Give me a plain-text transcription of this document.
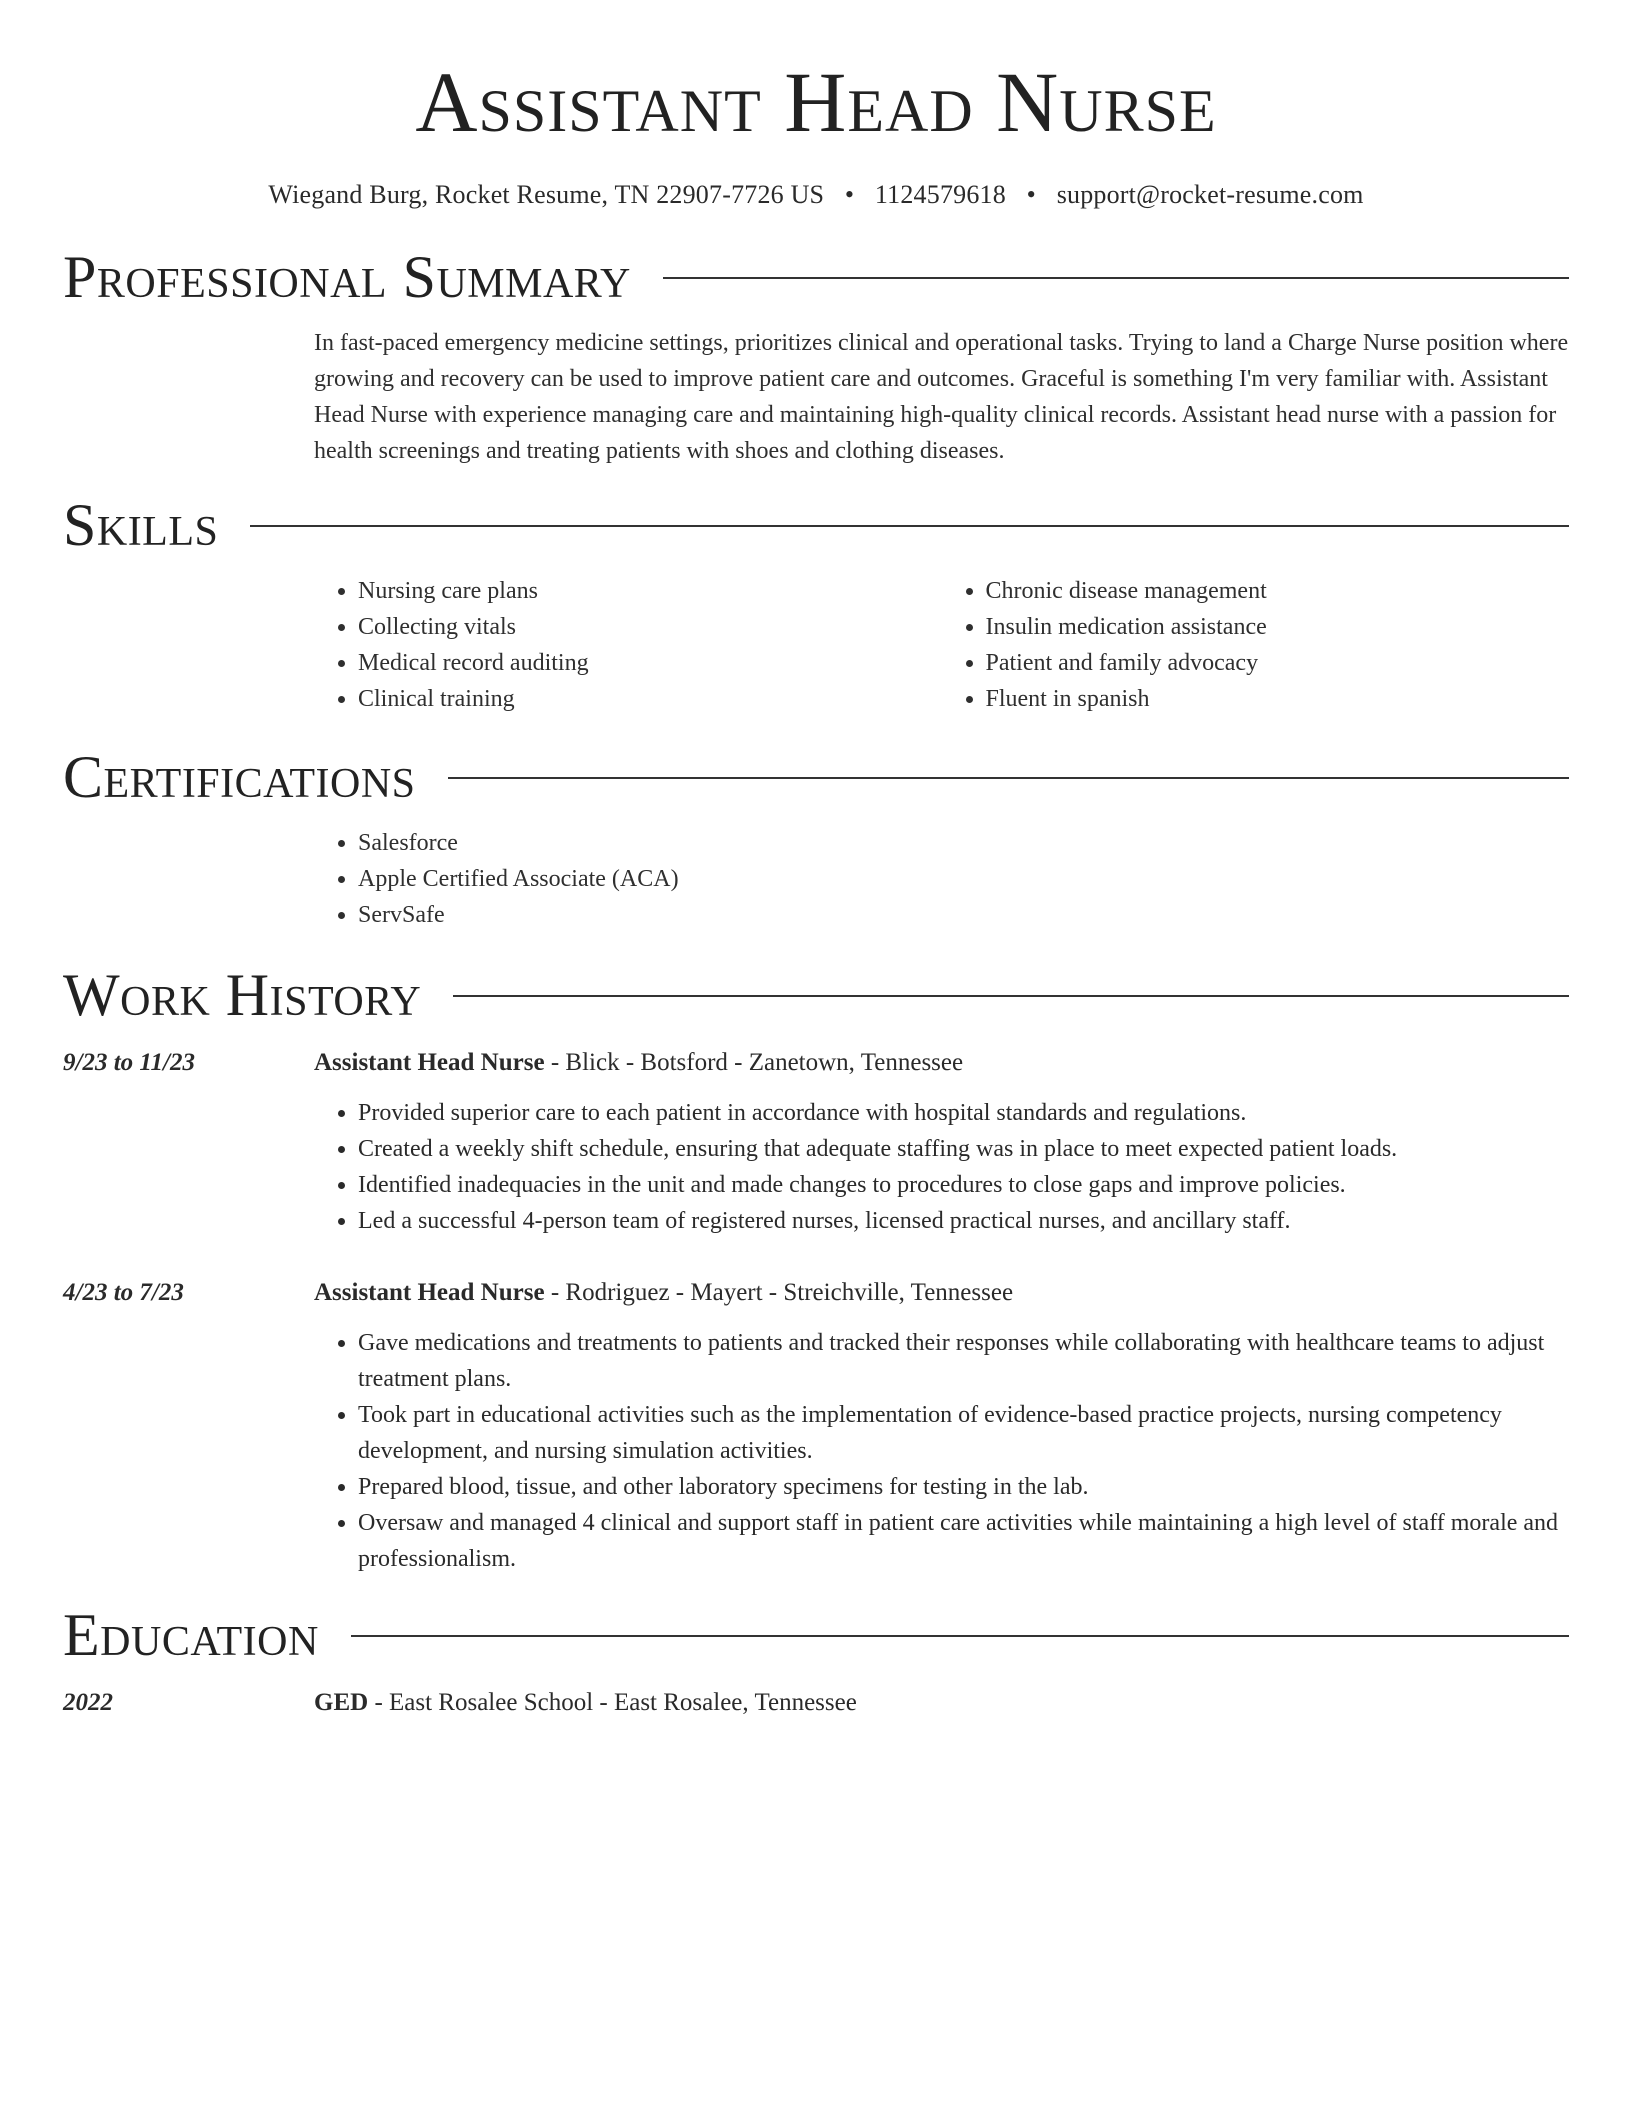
Assistant Head Nurse
Wiegand Burg, Rocket Resume, TN 22907-7726 US • 1124579618 • support@rocket-resume.com
Professional Summary
In fast-paced emergency medicine settings, prioritizes clinical and operational tasks. Trying to land a Charge Nurse position where growing and recovery can be used to improve patient care and outcomes. Graceful is something I'm very familiar with. Assistant Head Nurse with experience managing care and maintaining high-quality clinical records. Assistant head nurse with a passion for health screenings and treating patients with shoes and clothing diseases.
Skills
• Nursing care plans
• Collecting vitals
• Medical record auditing
• Clinical training
• Chronic disease management
• Insulin medication assistance
• Patient and family advocacy
• Fluent in spanish
Certifications
• Salesforce
• Apple Certified Associate (ACA)
• ServSafe
Work History
9/23 to 11/23	Assistant Head Nurse - Blick - Botsford - Zanetown, Tennessee
• Provided superior care to each patient in accordance with hospital standards and regulations.
• Created a weekly shift schedule, ensuring that adequate staffing was in place to meet expected patient loads.
• Identified inadequacies in the unit and made changes to procedures to close gaps and improve policies.
• Led a successful 4-person team of registered nurses, licensed practical nurses, and ancillary staff.
4/23 to 7/23	Assistant Head Nurse - Rodriguez - Mayert - Streichville, Tennessee
• Gave medications and treatments to patients and tracked their responses while collaborating with healthcare teams to adjust treatment plans.
• Took part in educational activities such as the implementation of evidence-based practice projects, nursing competency development, and nursing simulation activities.
• Prepared blood, tissue, and other laboratory specimens for testing in the lab.
• Oversaw and managed 4 clinical and support staff in patient care activities while maintaining a high level of staff morale and professionalism.
Education
2022	GED - East Rosalee School - East Rosalee, Tennessee
